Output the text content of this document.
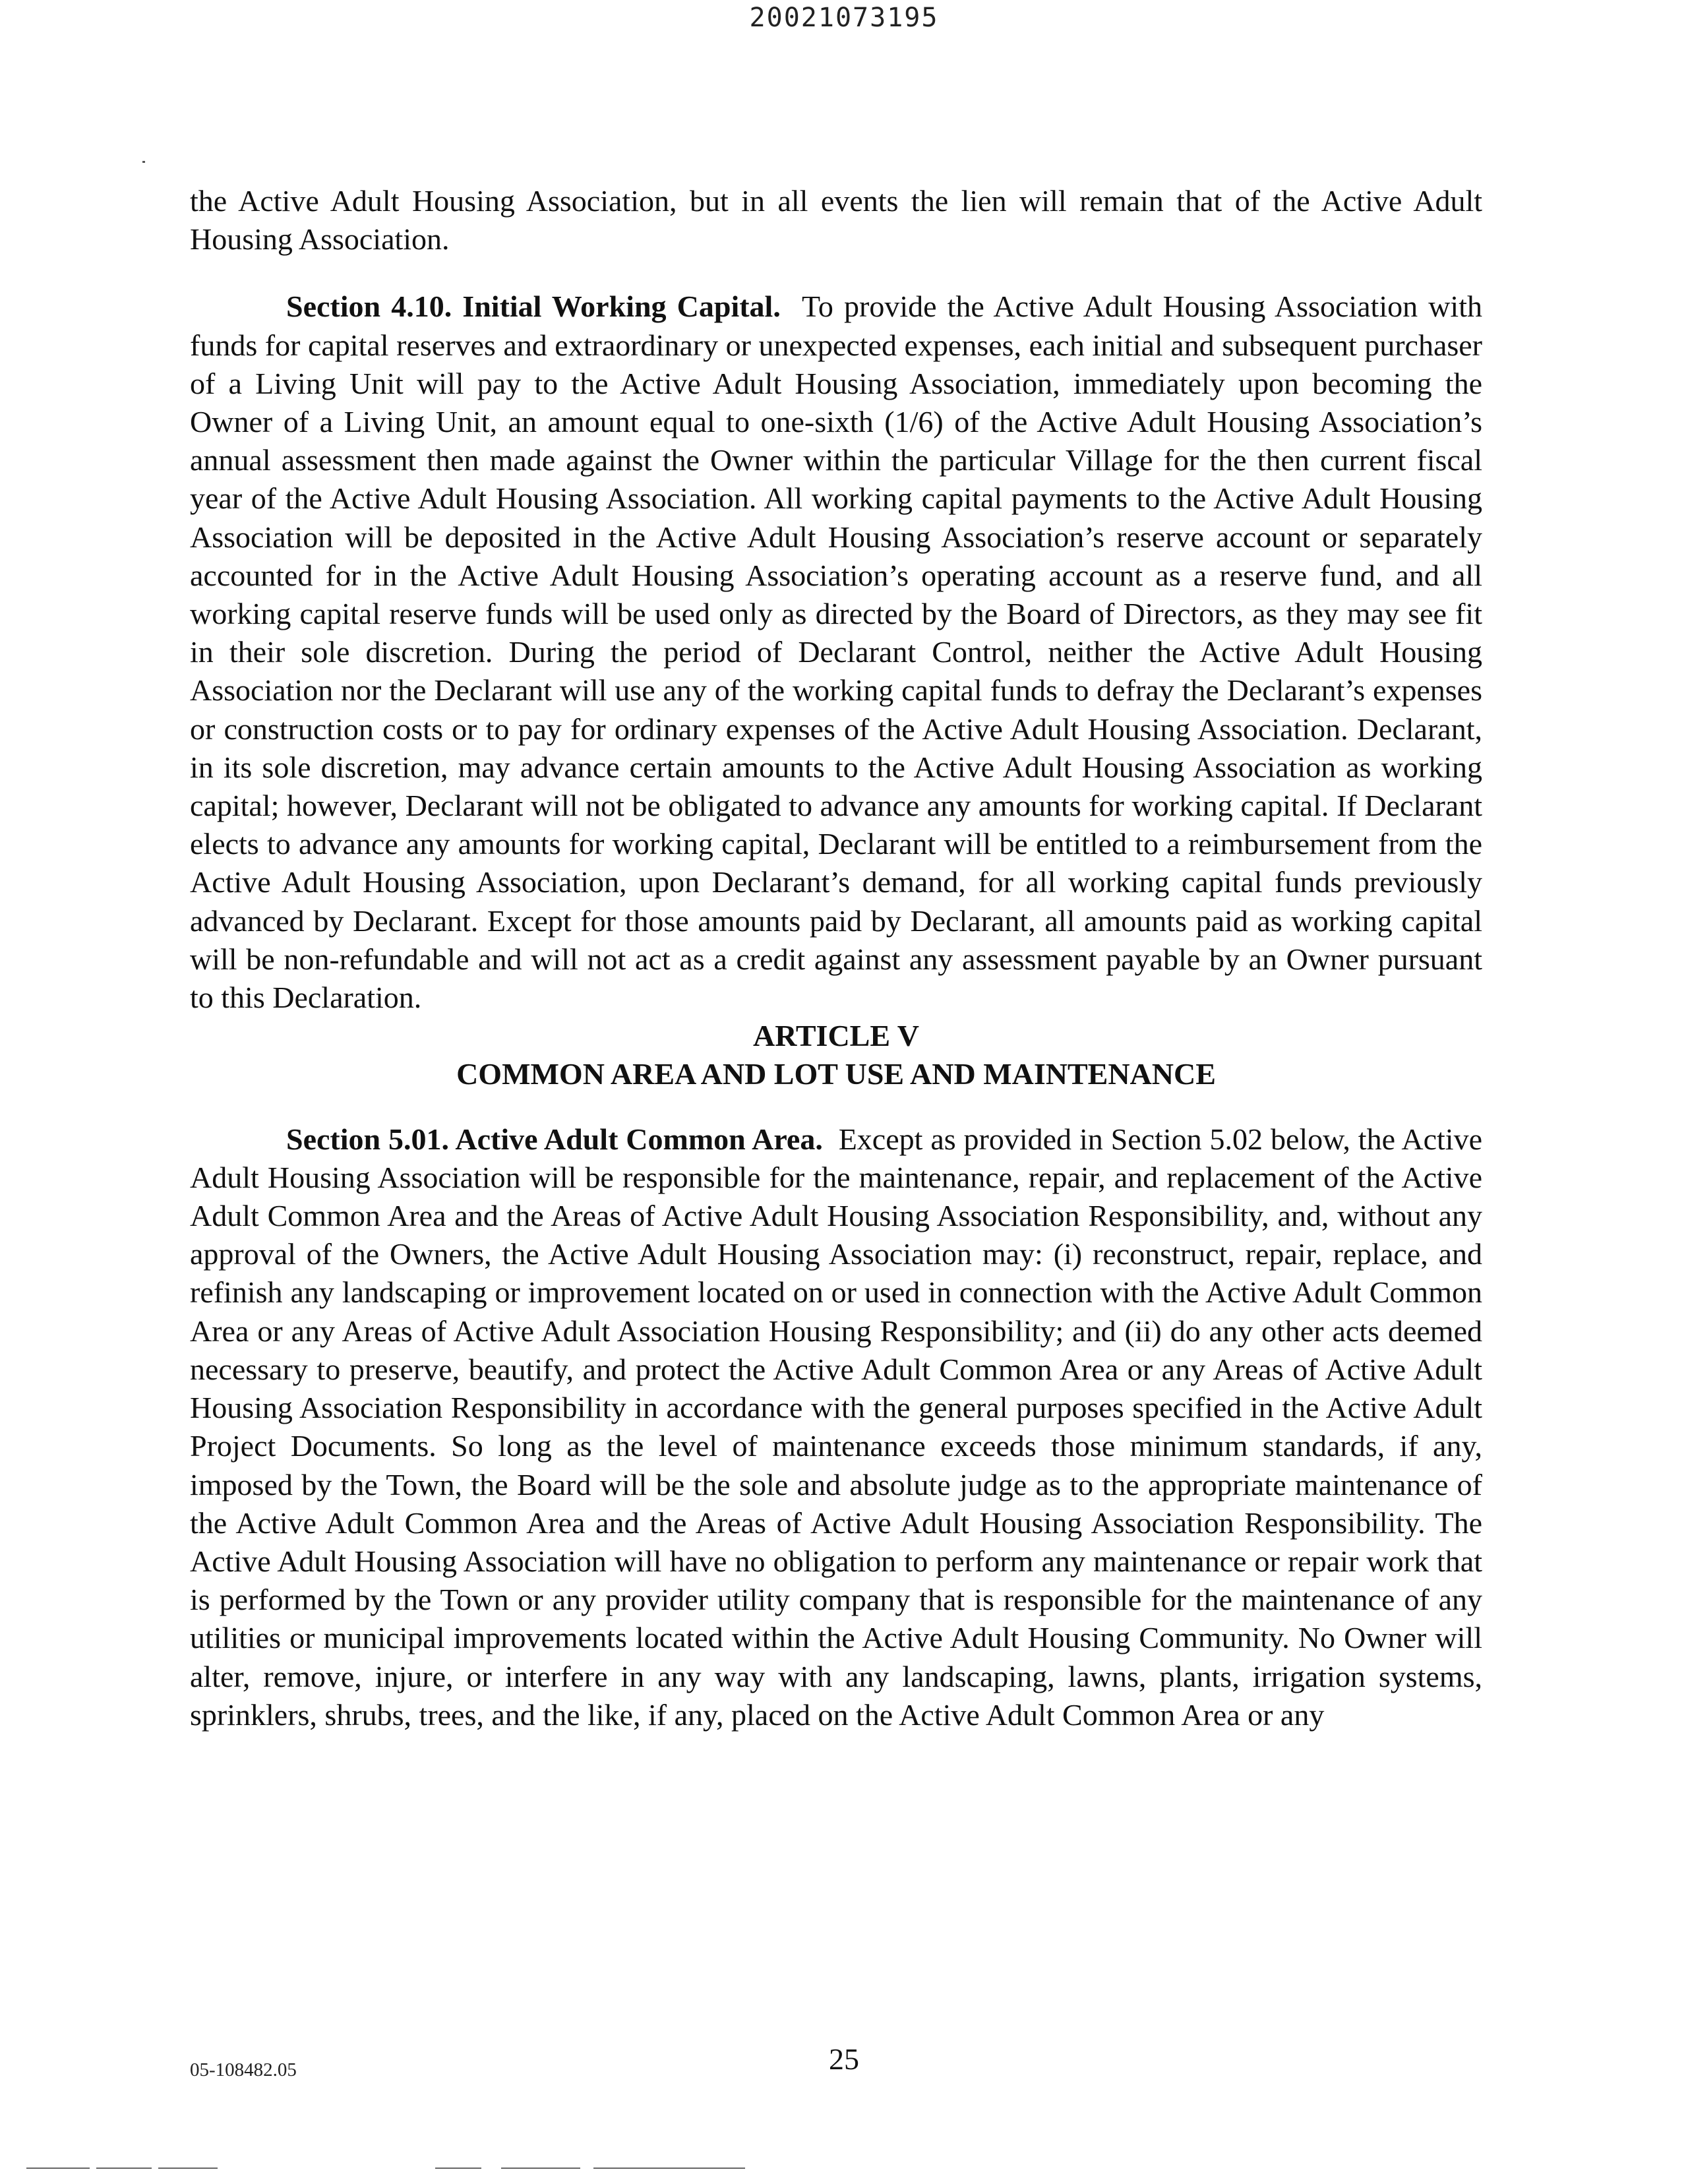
20021073195

the Active Adult Housing Association, but in all events the lien will remain that of the Active Adult Housing Association.

Section 4.10. Initial Working Capital. To provide the Active Adult Housing Association with funds for capital reserves and extraordinary or unexpected expenses, each initial and subsequent purchaser of a Living Unit will pay to the Active Adult Housing Association, immediately upon becoming the Owner of a Living Unit, an amount equal to one-sixth (1/6) of the Active Adult Housing Association’s annual assessment then made against the Owner within the particular Village for the then current fiscal year of the Active Adult Housing Association. All working capital payments to the Active Adult Housing Association will be deposited in the Active Adult Housing Association’s reserve account or separately accounted for in the Active Adult Housing Association’s operating account as a reserve fund, and all working capital reserve funds will be used only as directed by the Board of Directors, as they may see fit in their sole discretion. During the period of Declarant Control, neither the Active Adult Housing Association nor the Declarant will use any of the working capital funds to defray the Declarant’s expenses or construction costs or to pay for ordinary expenses of the Active Adult Housing Association. Declarant, in its sole discretion, may advance certain amounts to the Active Adult Housing Association as working capital; however, Declarant will not be obligated to advance any amounts for working capital. If Declarant elects to advance any amounts for working capital, Declarant will be entitled to a reimbursement from the Active Adult Housing Association, upon Declarant’s demand, for all working capital funds previously advanced by Declarant. Except for those amounts paid by Declarant, all amounts paid as working capital will be non-refundable and will not act as a credit against any assessment payable by an Owner pursuant to this Declaration.

ARTICLE V

COMMON AREA AND LOT USE AND MAINTENANCE

Section 5.01. Active Adult Common Area. Except as provided in Section 5.02 below, the Active Adult Housing Association will be responsible for the maintenance, repair, and replacement of the Active Adult Common Area and the Areas of Active Adult Housing Association Responsibility, and, without any approval of the Owners, the Active Adult Housing Association may: (i) reconstruct, repair, replace, and refinish any landscaping or improvement located on or used in connection with the Active Adult Common Area or any Areas of Active Adult Association Housing Responsibility; and (ii) do any other acts deemed necessary to preserve, beautify, and protect the Active Adult Common Area or any Areas of Active Adult Housing Association Responsibility in accordance with the general purposes specified in the Active Adult Project Documents. So long as the level of maintenance exceeds those minimum standards, if any, imposed by the Town, the Board will be the sole and absolute judge as to the appropriate maintenance of the Active Adult Common Area and the Areas of Active Adult Housing Association Responsibility. The Active Adult Housing Association will have no obligation to perform any maintenance or repair work that is performed by the Town or any provider utility company that is responsible for the maintenance of any utilities or municipal improvements located within the Active Adult Housing Community. No Owner will alter, remove, injure, or interfere in any way with any landscaping, lawns, plants, irrigation systems, sprinklers, shrubs, trees, and the like, if any, placed on the Active Adult Common Area or any

05-108482.05	25
